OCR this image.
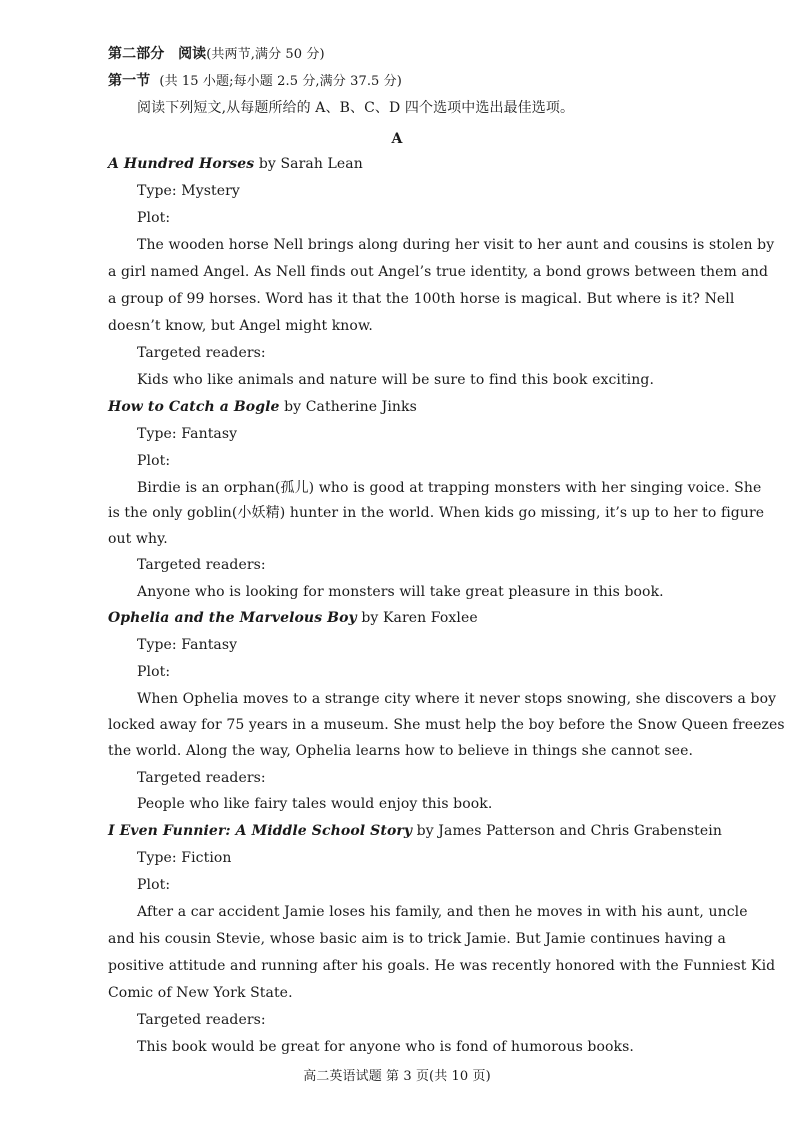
第二部分 阅读(共两节,满分 50 分)
第一节 (共 15 小题;每小题 2.5 分,满分 37.5 分)
阅读下列短文,从每题所给的 A、B、C、D 四个选项中选出最佳选项。
A
A Hundred Horses by Sarah Lean
Type: Mystery
Plot:
The wooden horse Nell brings along during her visit to her aunt and cousins is stolen by
a girl named Angel. As Nell finds out Angel’s true identity, a bond grows between them and
a group of 99 horses. Word has it that the 100th horse is magical. But where is it? Nell
doesn’t know, but Angel might know.
Targeted readers:
Kids who like animals and nature will be sure to find this book exciting.
How to Catch a Bogle by Catherine Jinks
Type: Fantasy
Plot:
Birdie is an orphan(孤儿) who is good at trapping monsters with her singing voice. She
is the only goblin(小妖精) hunter in the world. When kids go missing, it’s up to her to figure
out why.
Targeted readers:
Anyone who is looking for monsters will take great pleasure in this book.
Ophelia and the Marvelous Boy by Karen Foxlee
Type: Fantasy
Plot:
When Ophelia moves to a strange city where it never stops snowing, she discovers a boy
locked away for 75 years in a museum. She must help the boy before the Snow Queen freezes
the world. Along the way, Ophelia learns how to believe in things she cannot see.
Targeted readers:
People who like fairy tales would enjoy this book.
I Even Funnier: A Middle School Story by James Patterson and Chris Grabenstein
Type: Fiction
Plot:
After a car accident Jamie loses his family, and then he moves in with his aunt, uncle
and his cousin Stevie, whose basic aim is to trick Jamie. But Jamie continues having a
positive attitude and running after his goals. He was recently honored with the Funniest Kid
Comic of New York State.
Targeted readers:
This book would be great for anyone who is fond of humorous books.
高二英语试题 第 3 页(共 10 页)
